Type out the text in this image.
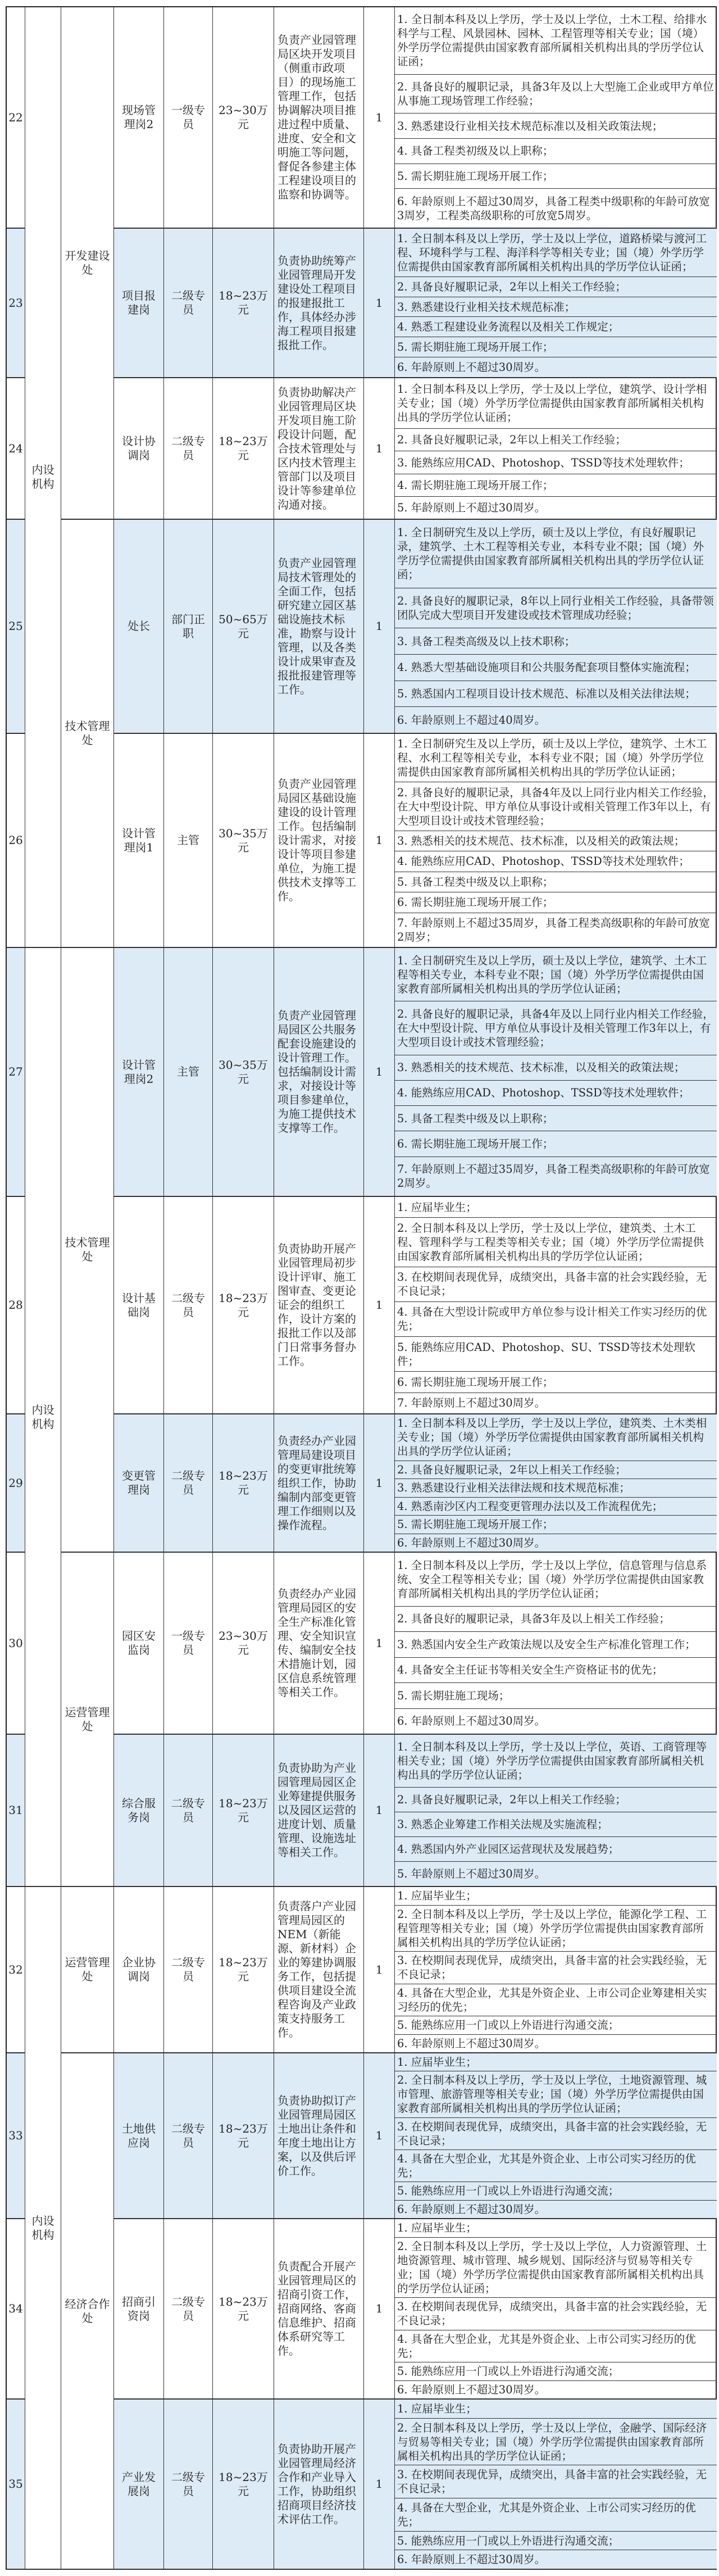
内设机构
内设机构
内设机构
开发建设处
技术管理处
技术管理处
运营管理处
运营管理处
经济合作处
22
现场管理岗2
一级专员
23~30万元
负责产业园管理局区块开发项目（侧重市政项目）的现场施工管理工作，包括协调解决项目推进过程中质量、进度、安全和文明施工等问题，督促各参建主体工程建设项目的监察和协调等。
1
1. 全日制本科及以上学历，学士及以上学位，土木工程、给排水科学与工程、风景园林、园林、工程管理等相关专业；国（境）外学历学位需提供由国家教育部所属相关机构出具的学历学位认证函；
2. 具备良好的履职记录，具备3年及以上大型施工企业或甲方单位从事施工现场管理工作经验；
3. 熟悉建设行业相关技术规范标准以及相关政策法规；
4. 具备工程类初级及以上职称；
5. 需长期驻施工现场开展工作；
6. 年龄原则上不超过30周岁，具备工程类中级职称的年龄可放宽3周岁，工程类高级职称的可放宽5周岁。
23
项目报建岗
二级专员
18~23万元
负责协助统筹产业园管理局开发建设处工程项目的报建报批工作，具体经办涉海工程项目报建报批工作。
1
1. 全日制本科及以上学历，学士及以上学位，道路桥梁与渡河工程、环境科学与工程、海洋科学等相关专业；国（境）外学历学位需提供由国家教育部所属相关机构出具的学历学位认证函；
2. 具备良好履职记录，2年以上相关工作经验；
3. 熟悉建设行业相关技术规范标准；
4. 熟悉工程建设业务流程以及相关工作规定；
5. 需长期驻施工现场开展工作；
6. 年龄原则上不超过30周岁。
24
设计协调岗
二级专员
18~23万元
负责协助解决产业园管理局区块开发项目施工阶段设计问题，配合技术管理处与区内技术管理主管部门以及项目设计等参建单位沟通对接。
1
1. 全日制本科及以上学历，学士及以上学位，建筑学、设计学相关专业；国（境）外学历学位需提供由国家教育部所属相关机构出具的学历学位认证函；
2. 具备良好履职记录，2年以上相关工作经验；
3. 能熟练应用CAD、Photoshop、TSSD等技术处理软件；
4. 需长期驻施工现场开展工作；
5. 年龄原则上不超过30周岁。
25	处长
部门正职
50~65万元
负责产业园管理局技术管理处的全面工作，包括研究建立园区基础设施技术标准，勘察与设计管理，以及各类设计成果审查及报批报建管理等工作。
1
1. 全日制研究生及以上学历，硕士及以上学位，有良好履职记录，建筑学、土木工程等相关专业，本科专业不限；国（境）外学历学位需提供由国家教育部所属相关机构出具的学历学位认证函；
2. 具备良好的履职记录，8年以上同行业相关工作经验，具备带领团队完成大型项目开发建设或技术管理成功经验；
3. 具备工程类高级及以上技术职称；
4. 熟悉大型基础设施项目和公共服务配套项目整体实施流程；
5. 熟悉国内工程项目设计技术规范、标准以及相关法律法规；
6. 年龄原则上不超过40周岁。
26
设计管理岗1
主管
30~35万元
负责产业园管理局园区基础设施建设的设计管理工作。包括编制设计需求，对接设计等项目参建单位，为施工提供技术支撑等工作。
1
1. 全日制研究生及以上学历，硕士及以上学位，建筑学、土木工程、水利工程等相关专业，本科专业不限；国（境）外学历学位需提供由国家教育部所属相关机构出具的学历学位认证函；
2. 具备良好的履职记录，具备4年及以上同行业内相关工作经验，在大中型设计院、甲方单位从事设计或相关管理工作3年以上，有大型项目设计或技术管理经验；
3. 熟悉相关的技术规范、技术标准，以及相关的政策法规；
4. 能熟练应用CAD、Photoshop、TSSD等技术处理软件；
5. 具备工程类中级及以上职称；
6. 需长期驻施工现场开展工作；
7. 年龄原则上不超过35周岁，具备工程类高级职称的年龄可放宽2周岁；
27
设计管理岗2
主管
30~35万元
负责产业园管理局园区公共服务配套设施建设的设计管理工作。包括编制设计需求，对接设计等项目参建单位，为施工提供技术支撑等工作。
1
1. 全日制研究生及以上学历，硕士及以上学位，建筑学、土木工程等相关专业，本科专业不限；国（境）外学历学位需提供由国家教育部所属相关机构出具的学历学位认证函；
2. 具备良好的履职记录，具备4年及以上同行业内相关工作经验，在大中型设计院、甲方单位从事设计及相关管理工作3年以上，有大型项目设计或技术管理经验；
3. 熟悉相关的技术规范、技术标准，以及相关的政策法规；
4. 能熟练应用CAD、Photoshop、TSSD等技术处理软件；
5. 具备工程类中级及以上职称；
6. 需长期驻施工现场开展工作；
7. 年龄原则上不超过35周岁，具备工程类高级职称的年龄可放宽2周岁。
28
设计基础岗
二级专员
18~23万元
负责协助开展产业园管理局初步设计评审、施工图审查、变更论证会的组织工作，设计方案的报批工作以及部门日常事务督办工作。
1
1. 应届毕业生；
2. 全日制本科及以上学历，学士及以上学位，建筑类、土木工程、管理科学与工程类等相关专业；国（境）外学历学位需提供由国家教育部所属相关机构出具的学历学位认证函；
3. 在校期间表现优异，成绩突出，具备丰富的社会实践经验，无不良记录；
4. 具备在大型设计院或甲方单位参与设计相关工作实习经历的优先；
5. 能熟练应用CAD、Photoshop、SU、TSSD等技术处理软件；
6. 需长期驻施工现场开展工作；
7. 年龄原则上不超过30周岁。
29
变更管理岗
二级专员
18~23万元
负责经办产业园管理局建设项目的变更审批统筹组织工作，协助编制内部变更管理工作细则以及操作流程。
1
1. 全日制本科及以上学历，学士及以上学位，建筑类、土木类相关专业；国（境）外学历学位需提供由国家教育部所属相关机构出具的学历学位认证函；
2. 具备良好履职记录，2年以上相关工作经验；
3. 熟悉建设行业相关法律法规和技术规范标准；
4. 熟悉南沙区内工程变更管理办法以及工作流程优先；
5. 需长期驻施工现场开展工作；
6. 年龄原则上不超过30周岁。
30
园区安监岗
一级专员
23~30万元
负责经办产业园管理局园区的安全生产标准化管理、安全知识宣传、编制安全技术措施计划，园区信息系统管理等相关工作。
1
1. 全日制本科及以上学历，学士及以上学位，信息管理与信息系统、安全工程等相关专业；国（境）外学历学位需提供由国家教育部所属相关机构出具的学历学位认证函；
2. 具备良好的履职记录，具备3年及以上相关工作经验；
3. 熟悉国内安全生产政策法规以及安全生产标准化管理工作；
4. 具备安全主任证书等相关安全生产资格证书的优先；
5. 需长期驻施工现场；
6. 年龄原则上不超过30周岁。
31
综合服务岗
二级专员
18~23万元
负责协助为产业园管理局园区企业筹建提供服务以及园区运营的进度计划、质量管理、设施选址等相关工作。
1
1. 全日制本科及以上学历，学士及以上学位，英语、工商管理等相关专业；国（境）外学历学位需提供由国家教育部所属相关机构出具的学历学位认证函；
2. 具备良好履职记录，2年以上相关工作经验；
3. 熟悉企业筹建工作相关法规及实施流程；
4. 熟悉国内外产业园区运营现状及发展趋势；
5. 年龄原则上不超过30周岁。
32
企业协调岗
二级专员
18~23万元
负责落户产业园管理局园区的NEM（新能源、新材料）企业的筹建协调服务工作，包括提供项目建设全流程咨询及产业政策支持服务工作。
1
1. 应届毕业生；
2. 全日制本科及以上学历，学士及以上学位，能源化学工程、工程管理等相关专业；国（境）外学历学位需提供由国家教育部所属相关机构出具的学历学位认证函；
3. 在校期间表现优异，成绩突出，具备丰富的社会实践经验，无不良记录；
4. 具备在大型企业，尤其是外资企业、上市公司企业筹建相关实习经历的优先；
5. 能熟练应用一门或以上外语进行沟通交流；
6. 年龄原则上不超过30周岁。
33
土地供应岗
二级专员
18~23万元
负责协助拟订产业园管理局园区土地出让条件和年度土地出让方案，以及供后评价工作。
1
1. 应届毕业生；
2. 全日制本科及以上学历，学士及以上学位，土地资源管理、城市管理、旅游管理等相关专业；国（境）外学历学位需提供由国家教育部所属相关机构出具的学历学位认证函；
3. 在校期间表现优异，成绩突出，具备丰富的社会实践经验，无不良记录；
4. 具备在大型企业，尤其是外资企业、上市公司实习经历的优先；
5. 能熟练应用一门或以上外语进行沟通交流；
6. 年龄原则上不超过30周岁。
34
招商引资岗
二级专员
18~23万元
负责配合开展产业园管理局区的招商引资工作，招商网络、客商信息维护、招商体系研究等工作。
1
1. 应届毕业生；
2. 全日制本科及以上学历，学士及以上学位，人力资源管理、土地资源管理、城市管理、城乡规划、国际经济与贸易等相关专业；国（境）外学历学位需提供由国家教育部所属相关机构出具的学历学位认证函；
3. 在校期间表现优异，成绩突出，具备丰富的社会实践经验，无不良记录；
4. 具备在大型企业，尤其是外资企业、上市公司实习经历的优先；
5. 能熟练应用一门或以上外语进行沟通交流；
6. 年龄原则上不超过30周岁。
35
产业发展岗
二级专员
18~23万元
负责协助开展产业园管理局经济合作和产业导入工作，协助组织招商项目经济技术评估工作。
1
1. 应届毕业生；
2. 全日制本科及以上学历，学士及以上学位，金融学、国际经济与贸易等相关专业；国（境）外学历学位需提供由国家教育部所属相关机构出具的学历学位认证函；
3. 在校期间表现优异，成绩突出，具备丰富的社会实践经验，无不良记录；
4. 具备在大型企业，尤其是外资企业、上市公司实习经历的优先；
5. 能熟练应用一门或以上外语进行沟通交流；
6. 年龄原则上不超过30周岁。
